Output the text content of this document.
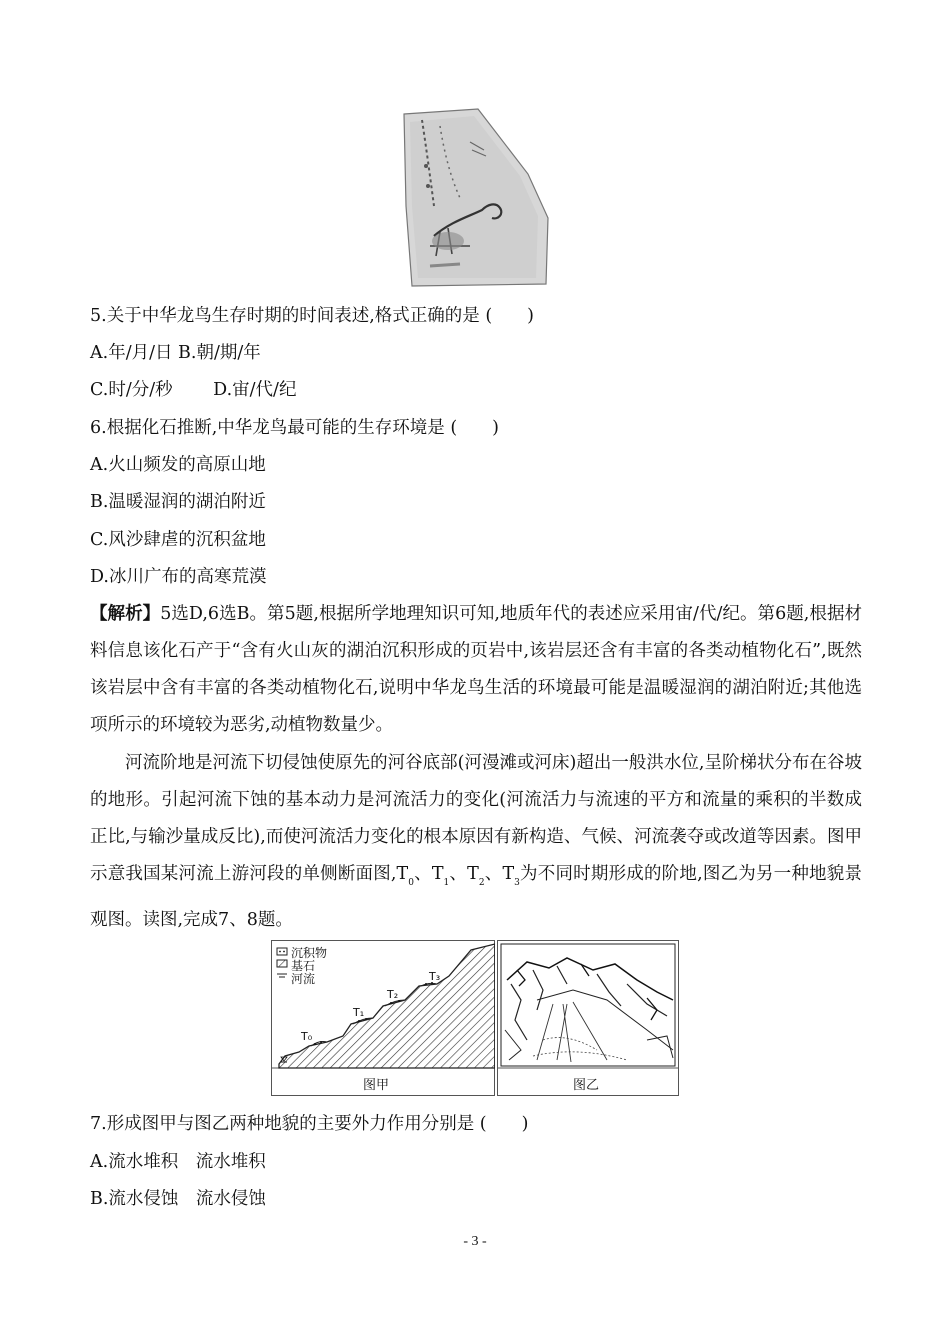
5.关于中华龙鸟生存时期的时间表述,格式正确的是 (　　)
A.年/月/日 B.朝/期/年
C.时/分/秒　　 D.宙/代/纪
6.根据化石推断,中华龙鸟最可能的生存环境是 (　　)
A.火山频发的高原山地
B.温暖湿润的湖泊附近
C.风沙肆虐的沉积盆地
D.冰川广布的高寒荒漠
【解析】5选D,6选B。第5题,根据所学地理知识可知,地质年代的表述应采用宙/代/纪。第6题,根据材料信息该化石产于“含有火山灰的湖泊沉积形成的页岩中,该岩层还含有丰富的各类动植物化石”,既然该岩层中含有丰富的各类动植物化石,说明中华龙鸟生活的环境最可能是温暖湿润的湖泊附近;其他选项所示的环境较为恶劣,动植物数量少。
河流阶地是河流下切侵蚀使原先的河谷底部(河漫滩或河床)超出一般洪水位,呈阶梯状分布在谷坡的地形。引起河流下蚀的基本动力是河流活力的变化(河流活力与流速的平方和流量的乘积的半数成正比,与输沙量成反比),而使河流活力变化的根本原因有新构造、气候、河流袭夺或改道等因素。图甲示意我国某河流上游河段的单侧断面图$,T_0$、$T_1$、$T_2$、$T_3$为不同时期形成的阶地,图乙为另一种地貌景观图。读图,完成7、8题。
沉积物
基石
河流
T₀
T₁
T₂
T₃
图甲	图乙
7.形成图甲与图乙两种地貌的主要外力作用分别是 (　　)
A.流水堆积　流水堆积
B.流水侵蚀　流水侵蚀
- 3 -
